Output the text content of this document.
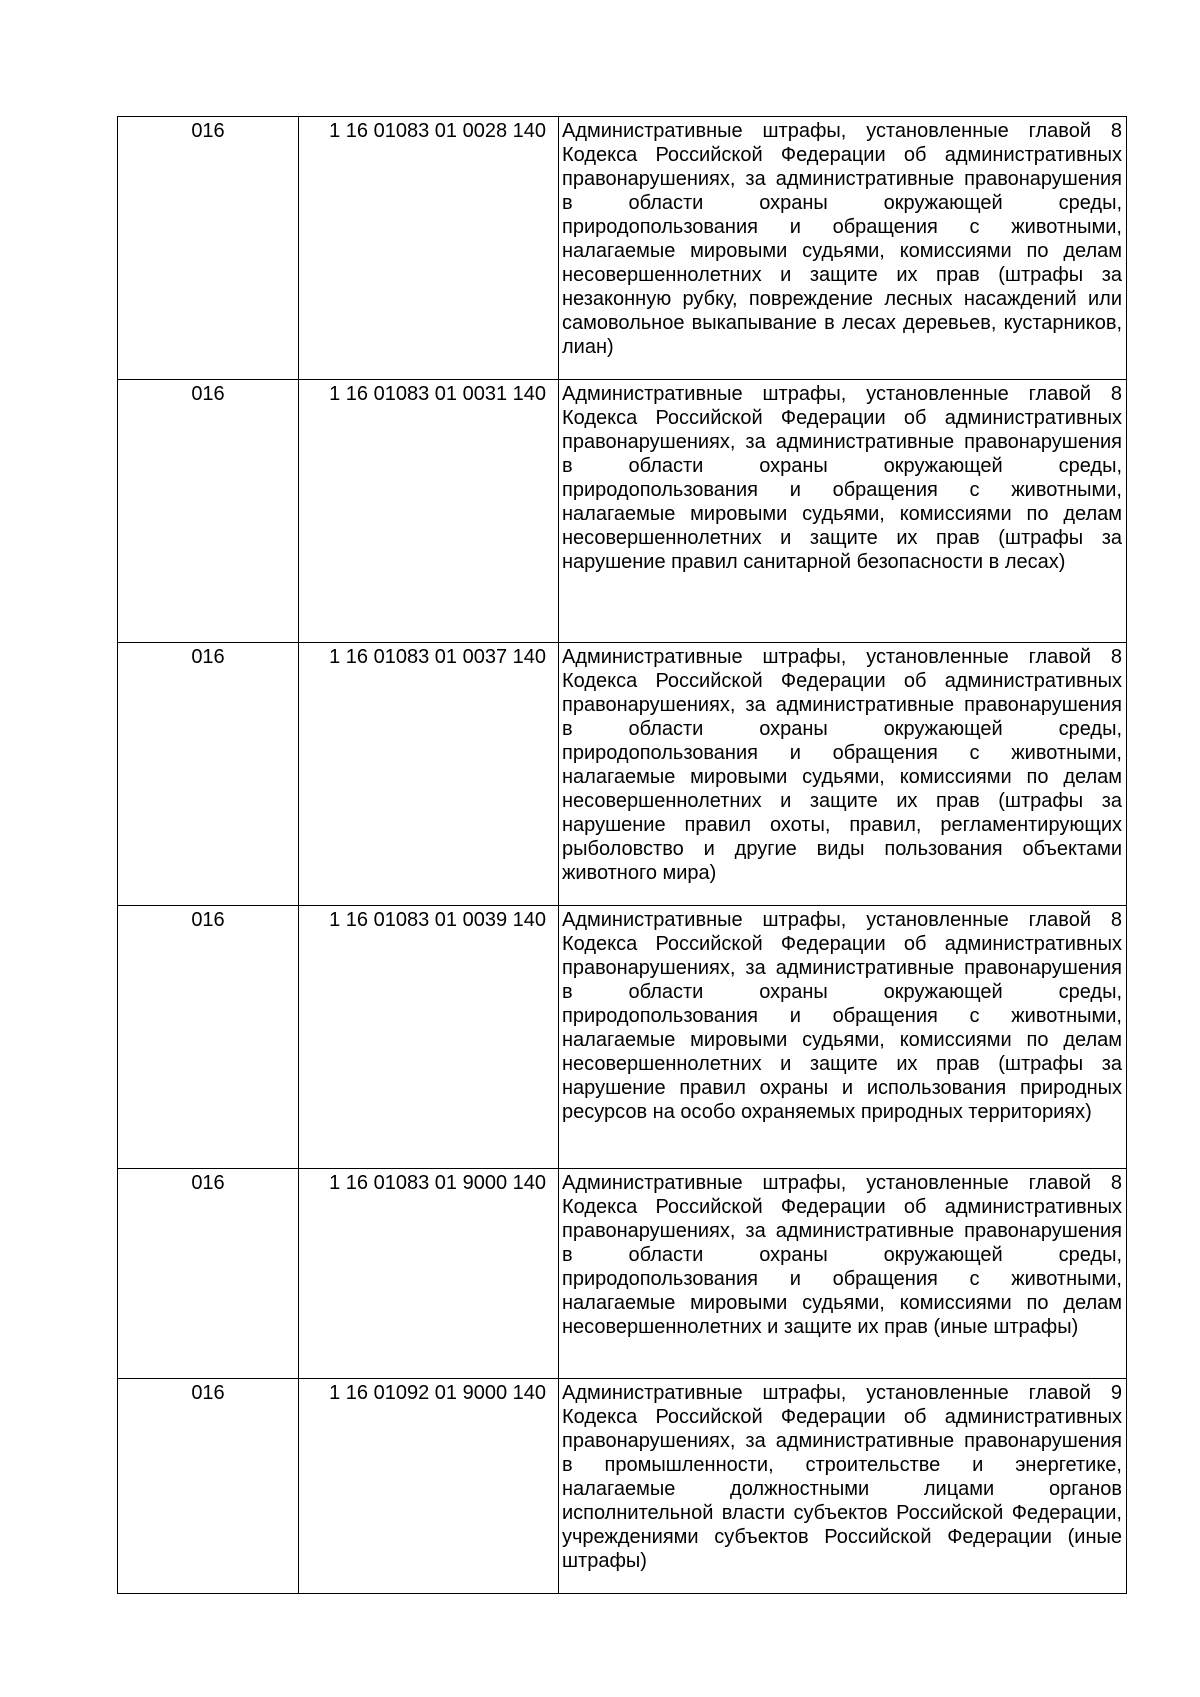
016	1 16 01083 01 0028 140	Административные штрафы, установленные главой 8 Кодекса Российской Федерации об административных правонарушениях, за административные правонарушения в области охраны окружающей среды, природопользования и обращения с животными, налагаемые мировыми судьями, комиссиями по делам несовершеннолетних и защите их прав (штрафы за незаконную рубку, повреждение лесных насаждений или самовольное выкапывание в лесах деревьев, кустарников, лиан)
016	1 16 01083 01 0031 140	Административные штрафы, установленные главой 8 Кодекса Российской Федерации об административных правонарушениях, за административные правонарушения в области охраны окружающей среды, природопользования и обращения с животными, налагаемые мировыми судьями, комиссиями по делам несовершеннолетних и защите их прав (штрафы за нарушение правил санитарной безопасности в лесах)
016	1 16 01083 01 0037 140	Административные штрафы, установленные главой 8 Кодекса Российской Федерации об административных правонарушениях, за административные правонарушения в области охраны окружающей среды, природопользования и обращения с животными, налагаемые мировыми судьями, комиссиями по делам несовершеннолетних и защите их прав (штрафы за нарушение правил охоты, правил, регламентирующих рыболовство и другие виды пользования объектами животного мира)
016	1 16 01083 01 0039 140	Административные штрафы, установленные главой 8 Кодекса Российской Федерации об административных правонарушениях, за административные правонарушения в области охраны окружающей среды, природопользования и обращения с животными, налагаемые мировыми судьями, комиссиями по делам несовершеннолетних и защите их прав (штрафы за нарушение правил охраны и использования природных ресурсов на особо охраняемых природных территориях)
016	1 16 01083 01 9000 140	Административные штрафы, установленные главой 8 Кодекса Российской Федерации об административных правонарушениях, за административные правонарушения в области охраны окружающей среды, природопользования и обращения с животными, налагаемые мировыми судьями, комиссиями по делам несовершеннолетних и защите их прав (иные штрафы)
016	1 16 01092 01 9000 140	Административные штрафы, установленные главой 9 Кодекса Российской Федерации об административных правонарушениях, за административные правонарушения в промышленности, строительстве и энергетике, налагаемые должностными лицами органов исполнительной власти субъектов Российской Федерации, учреждениями субъектов Российской Федерации (иные штрафы)
